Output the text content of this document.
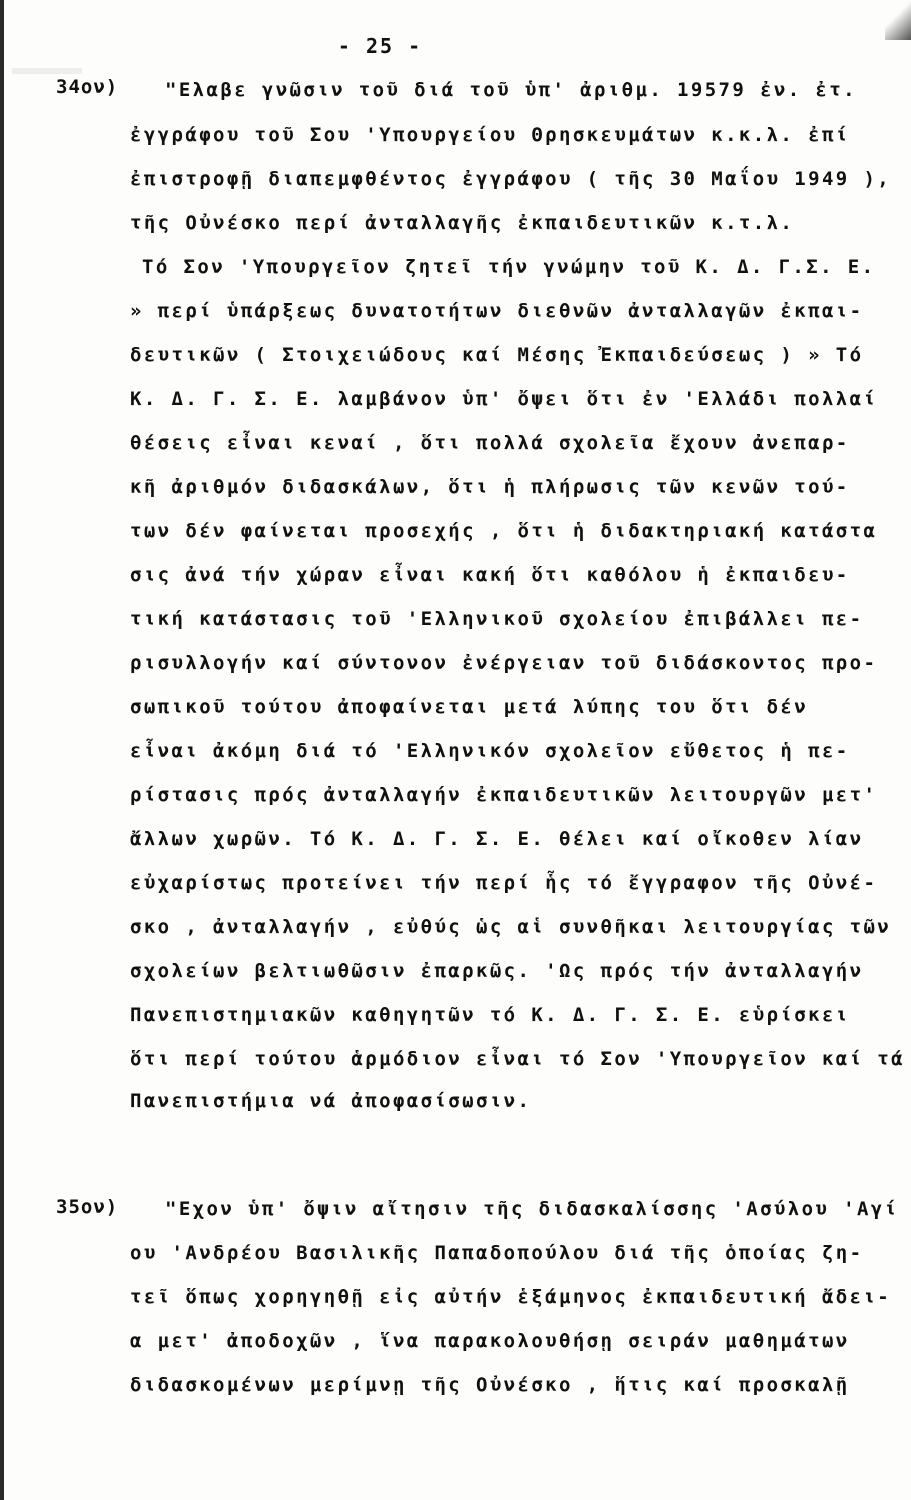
- 25 -
34ον) "Ελαβε γνῶσιν τοῦ διά τοῦ ὑπ' ἀριθμ. 19579 ἐν. ἐτ.
ἐγγράφου τοῦ Σου 'Υπουργείου Θρησκευμάτων κ.κ.λ. ἐπί
ἐπιστροφῇ διαπεμφθέντος ἐγγράφου ( τῆς 30 Μαΐου 1949 ),
τῆς Οὐνέσκο περί ἀνταλλαγῆς ἐκπαιδευτικῶν κ.τ.λ.
Τό Σον 'Υπουργεῖον ζητεῖ τήν γνώμην τοῦ Κ. Δ. Γ.Σ. Ε.
» περί ὑπάρξεως δυνατοτήτων διεθνῶν ἀνταλλαγῶν ἐκπαι-
δευτικῶν ( Στοιχειώδους καί Μέσης Ἐκπαιδεύσεως ) » Τό
Κ. Δ. Γ. Σ. Ε. λαμβάνον ὑπ' ὄψει ὅτι ἐν 'Ελλάδι πολλαί
θέσεις εἶναι κεναί , ὅτι πολλά σχολεῖα ἔχουν ἀνεπαρ-
κῆ ἀριθμόν διδασκάλων, ὅτι ἡ πλήρωσις τῶν κενῶν τού-
των δέν φαίνεται προσεχής , ὅτι ἡ διδακτηριακή κατάστα
σις ἀνά τήν χώραν εἶναι κακή ὅτι καθόλου ἡ ἐκπαιδευ-
τική κατάστασις τοῦ 'Ελληνικοῦ σχολείου ἐπιβάλλει πε-
ρισυλλογήν καί σύντονον ἐνέργειαν τοῦ διδάσκοντος προ-
σωπικοῦ τούτου ἀποφαίνεται μετά λύπης του ὅτι δέν
εἶναι ἀκόμη διά τό 'Ελληνικόν σχολεῖον εὔθετος ἡ πε-
ρίστασις πρός ἀνταλλαγήν ἐκπαιδευτικῶν λειτουργῶν μετ'
ἄλλων χωρῶν. Τό Κ. Δ. Γ. Σ. Ε. θέλει καί οἴκοθεν λίαν
εὐχαρίστως προτείνει τήν περί ἧς τό ἔγγραφον τῆς Οὐνέ-
σκο , ἀνταλλαγήν , εὐθύς ὡς αἱ συνθῆκαι λειτουργίας τῶν
σχολείων βελτιωθῶσιν ἐπαρκῶς. 'Ως πρός τήν ἀνταλλαγήν
Πανεπιστημιακῶν καθηγητῶν τό Κ. Δ. Γ. Σ. Ε. εὑρίσκει
ὅτι περί τούτου ἁρμόδιον εἶναι τό Σον 'Υπουργεῖον καί τά
Πανεπιστήμια νά ἀποφασίσωσιν.
35ον) "Εχον ὑπ' ὄψιν αἴτησιν τῆς διδασκαλίσσης 'Ασύλου 'Αγί
ου 'Ανδρέου Βασιλικῆς Παπαδοπούλου διά τῆς ὁποίας ζη-
τεῖ ὅπως χορηγηθῇ εἰς αὐτήν ἑξάμηνος ἐκπαιδευτική ἄδει-
α μετ' ἀποδοχῶν , ἵνα παρακολουθήσῃ σειράν μαθημάτων
διδασκομένων μερίμνῃ τῆς Οὐνέσκο , ἥτις καί προσκαλῇ
